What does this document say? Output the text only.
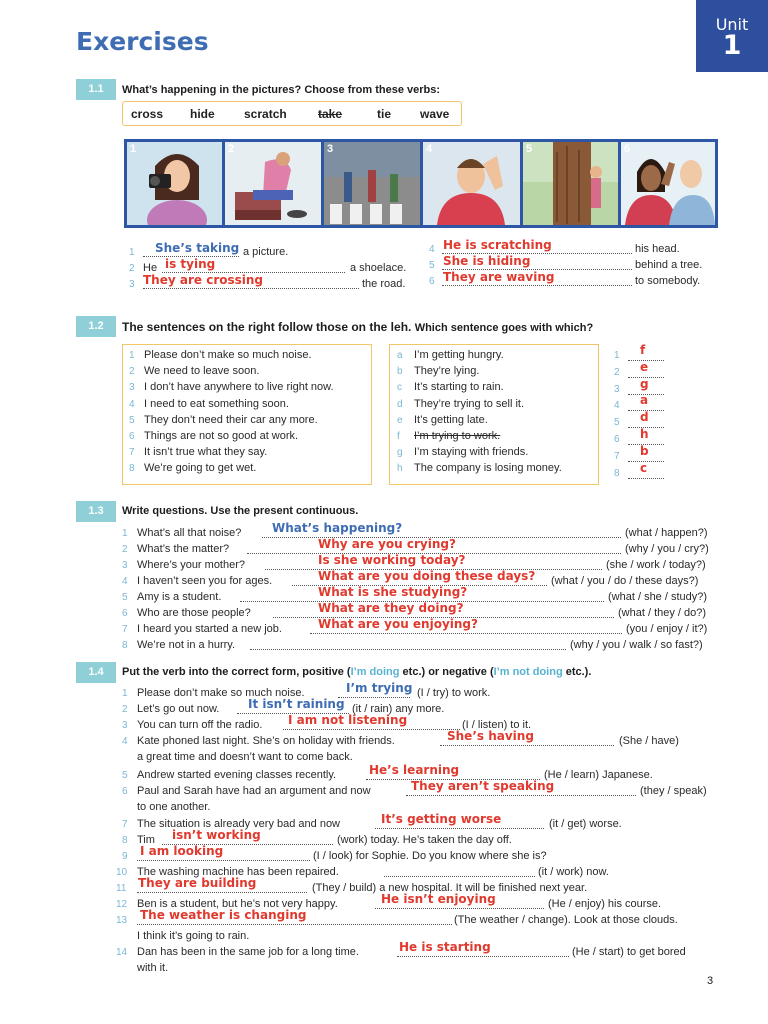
Exercises
Unit
1
1.1	What’s happening in the pictures? Choose from these verbs:
cross hide scratch	take	tie wave
1	2	3	4	5	6
1 She’s taking a picture.
2 He is tying	a shoelace.
3 They are crossing	the road.
4 He is scratching	his head.
5 She is hiding	behind a tree.
6 They are waving	to somebody.
1.2	The sentences on the right follow those on the leh. Which sentence goes with which?
1 Please don’t make so much noise.
2 We need to leave soon.
3 I don’t have anywhere to live right now.
4 I need to eat something soon.
5 They don’t need their car any more.
6 Things are not so good at work.
7 It isn’t true what they say.
8 We’re going to get wet.
a I’m getting hungry.
b They’re lying.
c It’s starting to rain.
d They’re trying to sell it.
e It’s getting late.
f I’m trying to work.
g I’m staying with friends.
h The company is losing money.
1 f
2 e
3 g
4 a
5 d
6 h
7 b
8 c
1.3	Write questions. Use the present continuous.
1 What’s all that noise?	What’s happening?	(what / happen?)
2 What’s the matter?	Why are you crying?	(why / you / cry?)
3 Where’s your mother?	Is she working today?	(she / work / today?)
4 I haven’t seen you for ages.	What are you doing these days? (what / you / do / these days?)
5 Amy is a student.	What is she studying?	(what / she / study?)
6 Who are those people?	What are they doing?	(what / they / do?)
7 I heard you started a new job.	What are you enjoying?	(you / enjoy / it?)
8 We’re not in a hurry.	(why / you / walk / so fast?)
1.4	Put the verb into the correct form, positive (I’m doing etc.) or negative (I’m not doing etc.).
1 Please don’t make so much noise.	I’m trying (I / try) to work.
2 Let’s go out now. It isn’t raining (it / rain) any more.
3 You can turn off the radio. I am not listening	(I / listen) to it.
4 Kate phoned last night. She’s on holiday with friends.	She’s having	(She / have)
a great time and doesn’t want to come back.
5 Andrew started evening classes recently.	He’s learning	(He / learn) Japanese.
6 Paul and Sarah have had an argument and now	They aren’t speaking	(they / speak)
to one another.
7 The situation is already very bad and now	It’s getting worse	(it / get) worse.
8 Tim isn’t working	(work) today. He’s taken the day off.
9 I am looking	(I / look) for Sophie. Do you know where she is?
10 The washing machine has been repaired.	(it / work) now.
11 They are building	(They / build) a new hospital. It will be finished next year.
12 Ben is a student, but he’s not very happy.	He isn’t enjoying	(He / enjoy) his course.
13 The weather is changing	(The weather / change). Look at those clouds.
I think it’s going to rain.
14 Dan has been in the same job for a long time.	He is starting	(He / start) to get bored
with it.
3
